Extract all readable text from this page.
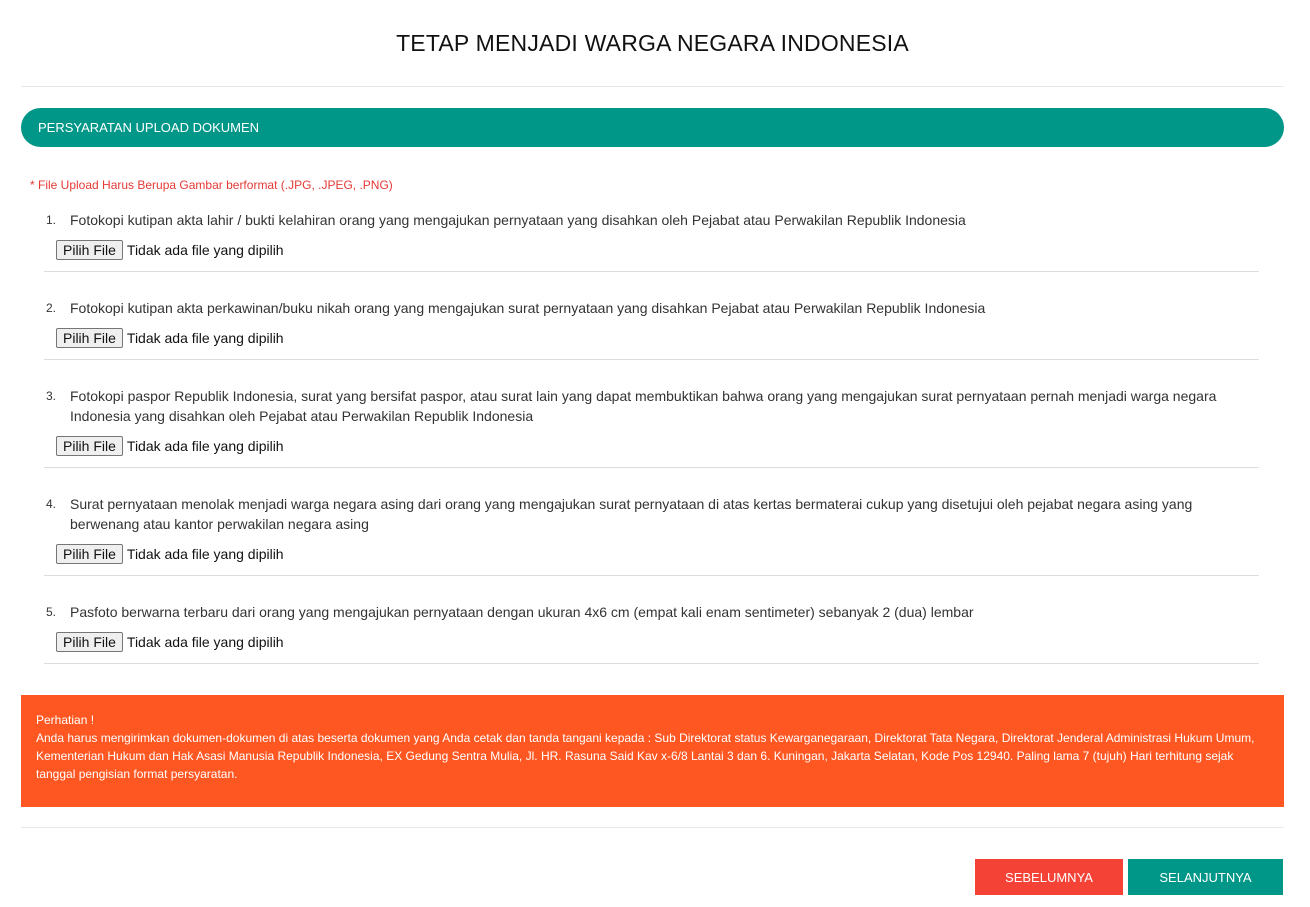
TETAP MENJADI WARGA NEGARA INDONESIA
PERSYARATAN UPLOAD DOKUMEN
* File Upload Harus Berupa Gambar berformat (.JPG, .JPEG, .PNG)
1. Fotokopi kutipan akta lahir / bukti kelahiran orang yang mengajukan pernyataan yang disahkan oleh Pejabat atau Perwakilan Republik Indonesia
Pilih File Tidak ada file yang dipilih
2. Fotokopi kutipan akta perkawinan/buku nikah orang yang mengajukan surat pernyataan yang disahkan Pejabat atau Perwakilan Republik Indonesia
Pilih File Tidak ada file yang dipilih
3. Fotokopi paspor Republik Indonesia, surat yang bersifat paspor, atau surat lain yang dapat membuktikan bahwa orang yang mengajukan surat pernyataan pernah menjadi warga negara Indonesia yang disahkan oleh Pejabat atau Perwakilan Republik Indonesia
Pilih File Tidak ada file yang dipilih
4. Surat pernyataan menolak menjadi warga negara asing dari orang yang mengajukan surat pernyataan di atas kertas bermaterai cukup yang disetujui oleh pejabat negara asing yang berwenang atau kantor perwakilan negara asing
Pilih File Tidak ada file yang dipilih
5. Pasfoto berwarna terbaru dari orang yang mengajukan pernyataan dengan ukuran 4x6 cm (empat kali enam sentimeter) sebanyak 2 (dua) lembar
Pilih File Tidak ada file yang dipilih
Perhatian !
Anda harus mengirimkan dokumen-dokumen di atas beserta dokumen yang Anda cetak dan tanda tangani kepada : Sub Direktorat status Kewarganegaraan, Direktorat Tata Negara, Direktorat Jenderal Administrasi Hukum Umum, Kementerian Hukum dan Hak Asasi Manusia Republik Indonesia, EX Gedung Sentra Mulia, Jl. HR. Rasuna Said Kav x-6/8 Lantai 3 dan 6. Kuningan, Jakarta Selatan, Kode Pos 12940. Paling lama 7 (tujuh) Hari terhitung sejak tanggal pengisian format persyaratan.
SEBELUMNYA	SELANJUTNYA
